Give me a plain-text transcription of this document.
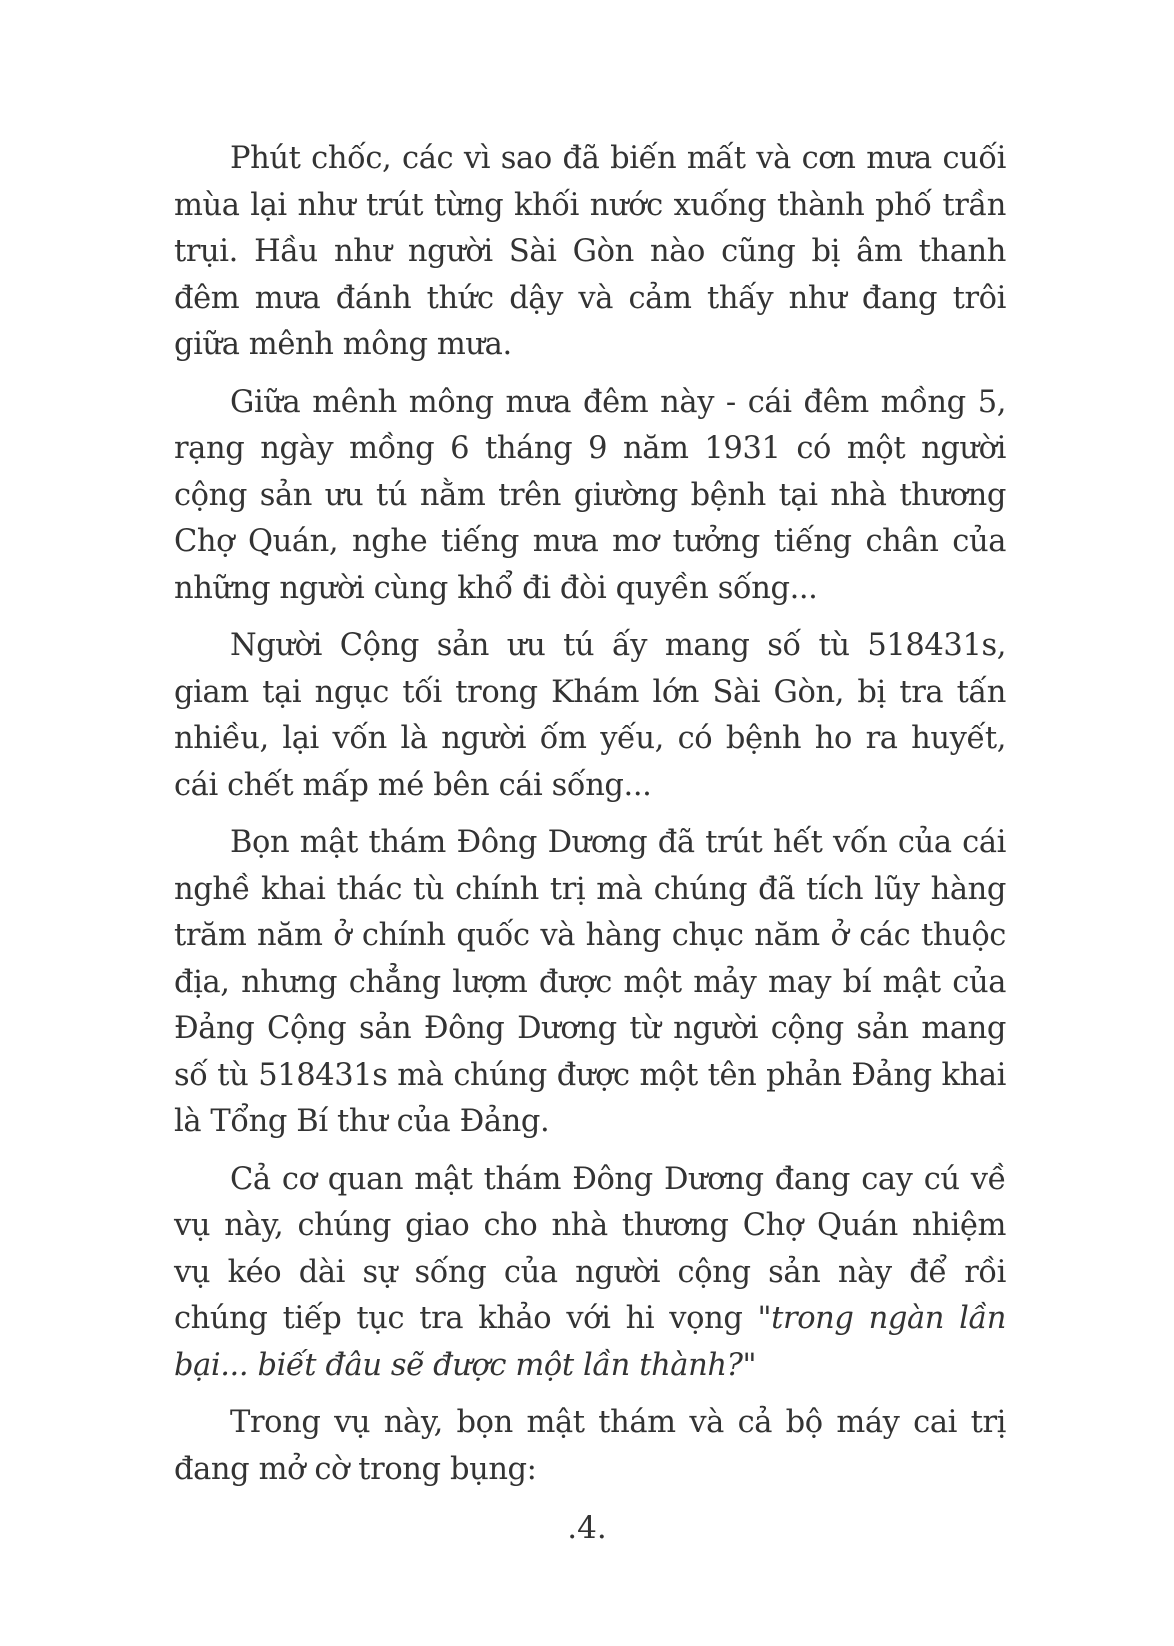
Phút chốc, các vì sao đã biến mất và cơn mưa cuối mùa lại như trút từng khối nước xuống thành phố trần trụi. Hầu như người Sài Gòn nào cũng bị âm thanh đêm mưa đánh thức dậy và cảm thấy như đang trôi giữa mênh mông mưa.

Giữa mênh mông mưa đêm này - cái đêm mồng 5, rạng ngày mồng 6 tháng 9 năm 1931 có một người cộng sản ưu tú nằm trên giường bệnh tại nhà thương Chợ Quán, nghe tiếng mưa mơ tưởng tiếng chân của những người cùng khổ đi đòi quyền sống...

Người Cộng sản ưu tú ấy mang số tù 518431s, giam tại ngục tối trong Khám lớn Sài Gòn, bị tra tấn nhiều, lại vốn là người ốm yếu, có bệnh ho ra huyết, cái chết mấp mé bên cái sống...

Bọn mật thám Đông Dương đã trút hết vốn của cái nghề khai thác tù chính trị mà chúng đã tích lũy hàng trăm năm ở chính quốc và hàng chục năm ở các thuộc địa, nhưng chẳng lượm được một mảy may bí mật của Đảng Cộng sản Đông Dương từ người cộng sản mang số tù 518431s mà chúng được một tên phản Đảng khai là Tổng Bí thư của Đảng.

Cả cơ quan mật thám Đông Dương đang cay cú về vụ này, chúng giao cho nhà thương Chợ Quán nhiệm vụ kéo dài sự sống của người cộng sản này để rồi chúng tiếp tục tra khảo với hi vọng "trong ngàn lần bại... biết đâu sẽ được một lần thành?"

Trong vụ này, bọn mật thám và cả bộ máy cai trị đang mở cờ trong bụng:

.4.
